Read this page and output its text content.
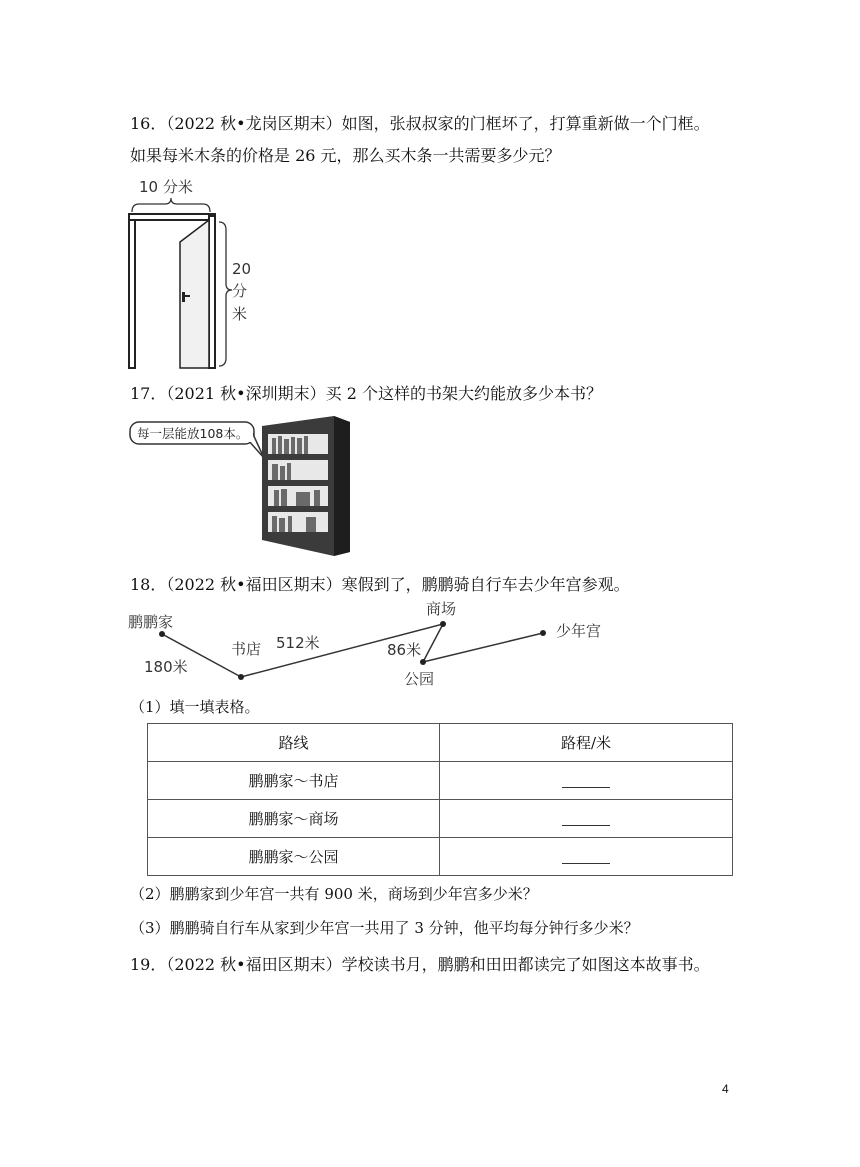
16．（2022 秋•龙岗区期末）如图，张叔叔家的门框坏了，打算重新做一个门框。
如果每米木条的价格是 26 元，那么买木条一共需要多少元？
10 分米
20
分
米
17．（2021 秋•深圳期末）买 2 个这样的书架大约能放多少本书？
每一层能放108本。
18．（2022 秋•福田区期末）寒假到了，鹏鹏骑自行车去少年宫参观。
鹏鹏家
书店
商场
公园
少年宫
180米
512米	86米
（1）填一填表格。
路线	路程/米
鹏鹏家～书店	
鹏鹏家～商场	
鹏鹏家～公园	
（2）鹏鹏家到少年宫一共有 900 米，商场到少年宫多少米？
（3）鹏鹏骑自行车从家到少年宫一共用了 3 分钟，他平均每分钟行多少米？
19．（2022 秋•福田区期末）学校读书月，鹏鹏和田田都读完了如图这本故事书。
4
